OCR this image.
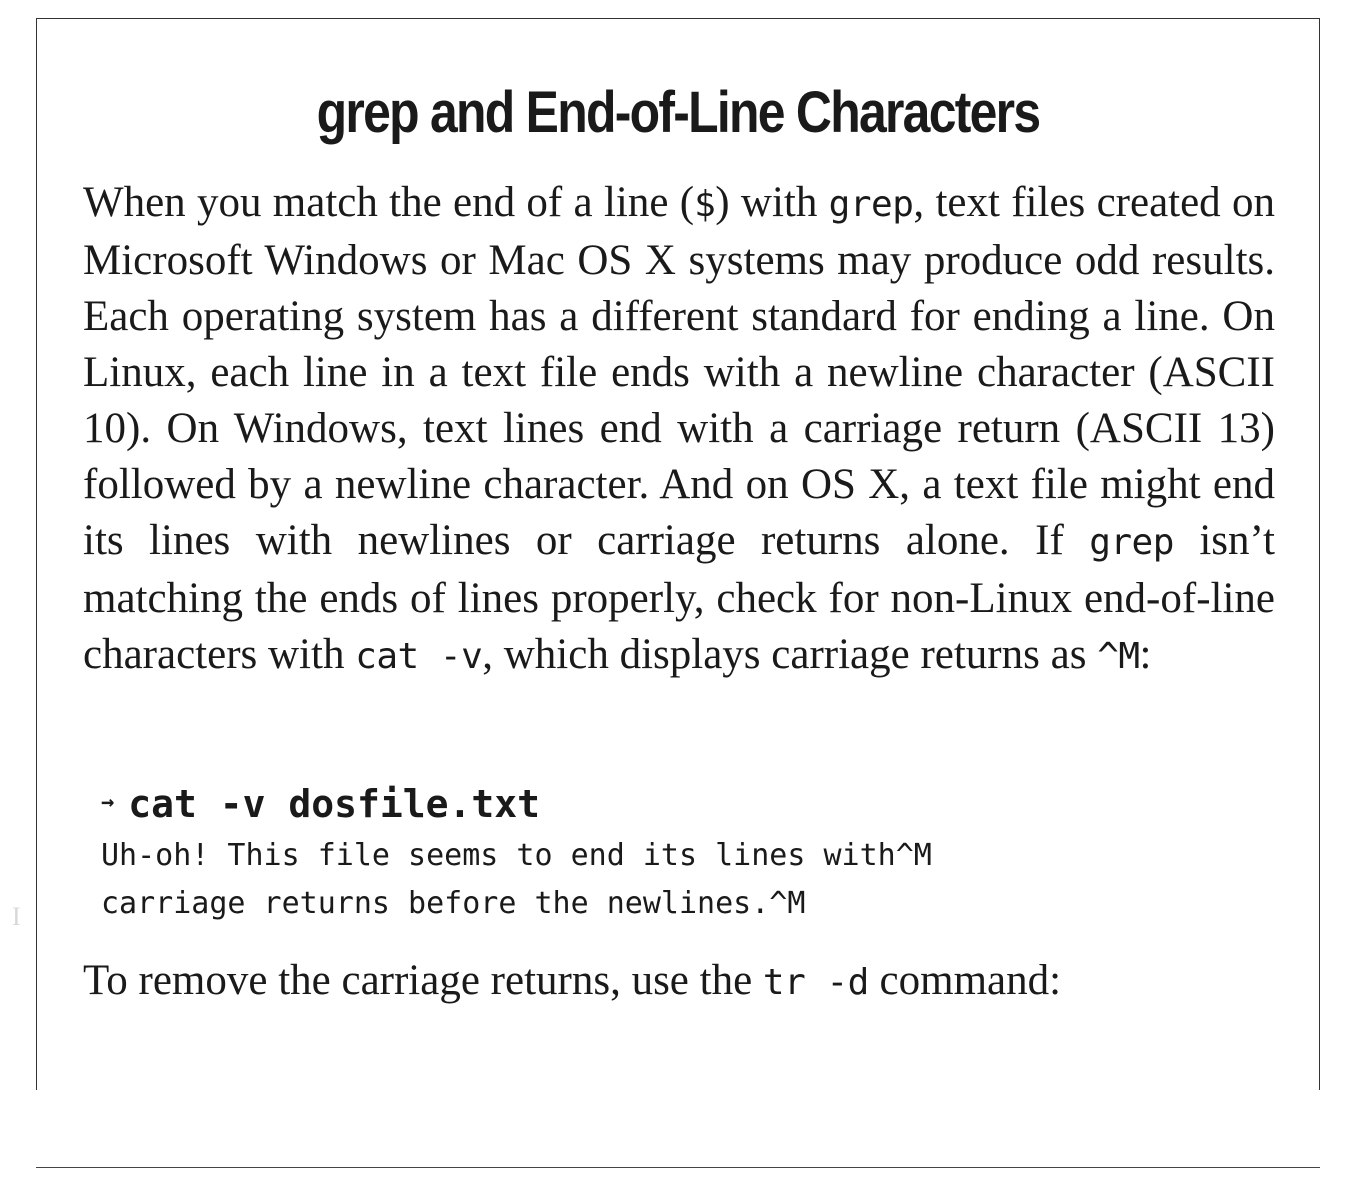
grep and End-of-Line Characters

When you match the end of a line ($) with grep, text files created on Microsoft Windows or Mac OS X systems may produce odd results. Each operating system has a different standard for ending a line. On Linux, each line in a text file ends with a newline character (ASCII 10). On Windows, text lines end with a carriage return (ASCII 13) followed by a newline character. And on OS X, a text file might end its lines with newlines or carriage returns alone. If grep isn’t matching the ends of lines properly, check for non-Linux end-of-line characters with cat -v, which displays carriage returns as ^M:

→ cat -v dosfile.txt
Uh-oh! This file seems to end its lines with^M
carriage returns before the newlines.^M

To remove the carriage returns, use the tr -d command:

I
